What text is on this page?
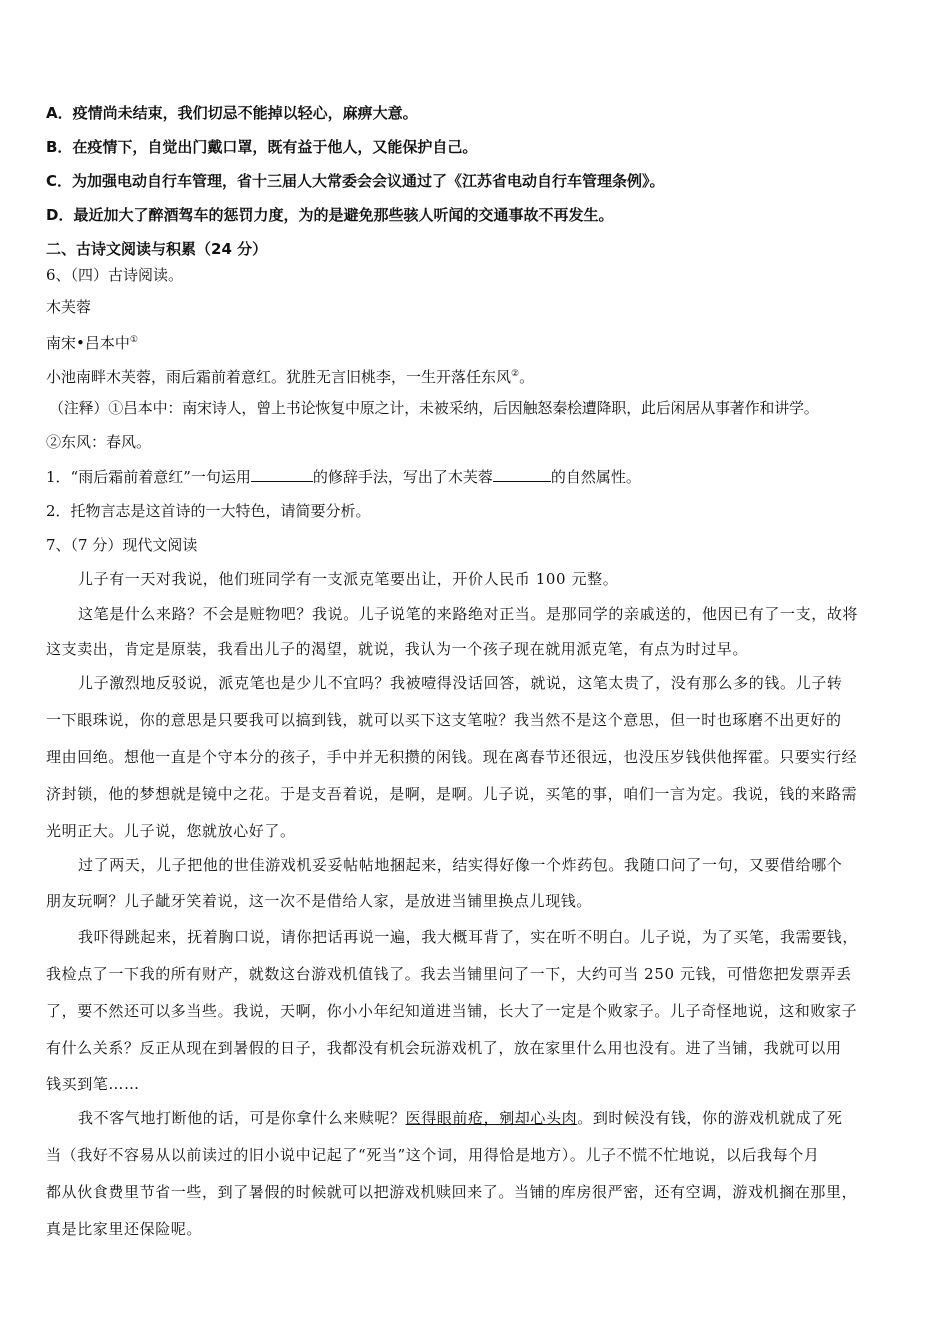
A．疫情尚未结束，我们切忌不能掉以轻心，麻痹大意。
B．在疫情下，自觉出门戴口罩，既有益于他人，又能保护自己。
C．为加强电动自行车管理，省十三届人大常委会会议通过了《江苏省电动自行车管理条例》。
D．最近加大了醉酒驾车的惩罚力度，为的是避免那些骇人听闻的交通事故不再发生。
二、古诗文阅读与积累（24 分）
6、（四）古诗阅读。
木芙蓉
南宋•吕本中①
小池南畔木芙蓉，雨后霜前着意红。犹胜无言旧桃李，一生开落任东风②。
（注释）①吕本中：南宋诗人，曾上书论恢复中原之计，未被采纳，后因触怒秦桧遭降职，此后闲居从事著作和讲学。
②东风：春风。
1．“雨后霜前着意红”一句运用	的修辞手法，写出了木芙蓉	的自然属性。
2．托物言志是这首诗的一大特色，请简要分析。
7、（7 分）现代文阅读
儿子有一天对我说，他们班同学有一支派克笔要出让，开价人民币 100 元整。
这笔是什么来路？不会是赃物吧？我说。儿子说笔的来路绝对正当。是那同学的亲戚送的，他因已有了一支，故将
这支卖出，肯定是原装，我看出儿子的渴望，就说，我认为一个孩子现在就用派克笔，有点为时过早。
儿子激烈地反驳说，派克笔也是少儿不宜吗？我被噎得没话回答，就说，这笔太贵了，没有那么多的钱。儿子转
一下眼珠说，你的意思是只要我可以搞到钱，就可以买下这支笔啦？我当然不是这个意思，但一时也琢磨不出更好的
理由回绝。想他一直是个守本分的孩子，手中并无积攒的闲钱。现在离春节还很远，也没压岁钱供他挥霍。只要实行经
济封锁，他的梦想就是镜中之花。于是支吾着说，是啊，是啊。儿子说，买笔的事，咱们一言为定。我说，钱的来路需
光明正大。儿子说，您就放心好了。
过了两天，儿子把他的世佳游戏机妥妥帖帖地捆起来，结实得好像一个炸药包。我随口问了一句，又要借给哪个
朋友玩啊？儿子龇牙笑着说，这一次不是借给人家，是放进当铺里换点儿现钱。
我吓得跳起来，抚着胸口说，请你把话再说一遍，我大概耳背了，实在听不明白。儿子说，为了买笔，我需要钱，
我检点了一下我的所有财产，就数这台游戏机值钱了。我去当铺里问了一下，大约可当 250 元钱，可惜您把发票弄丢
了，要不然还可以多当些。我说，天啊，你小小年纪知道进当铺，长大了一定是个败家子。儿子奇怪地说，这和败家子
有什么关系？反正从现在到暑假的日子，我都没有机会玩游戏机了，放在家里什么用也没有。进了当铺，我就可以用
钱买到笔……
我不客气地打断他的话，可是你拿什么来赎呢？医得眼前疮，剜却心头肉。到时候没有钱，你的游戏机就成了死
当（我好不容易从以前读过的旧小说中记起了“死当”这个词，用得恰是地方）。儿子不慌不忙地说，以后我每个月
都从伙食费里节省一些，到了暑假的时候就可以把游戏机赎回来了。当铺的库房很严密，还有空调，游戏机搁在那里，
真是比家里还保险呢。
